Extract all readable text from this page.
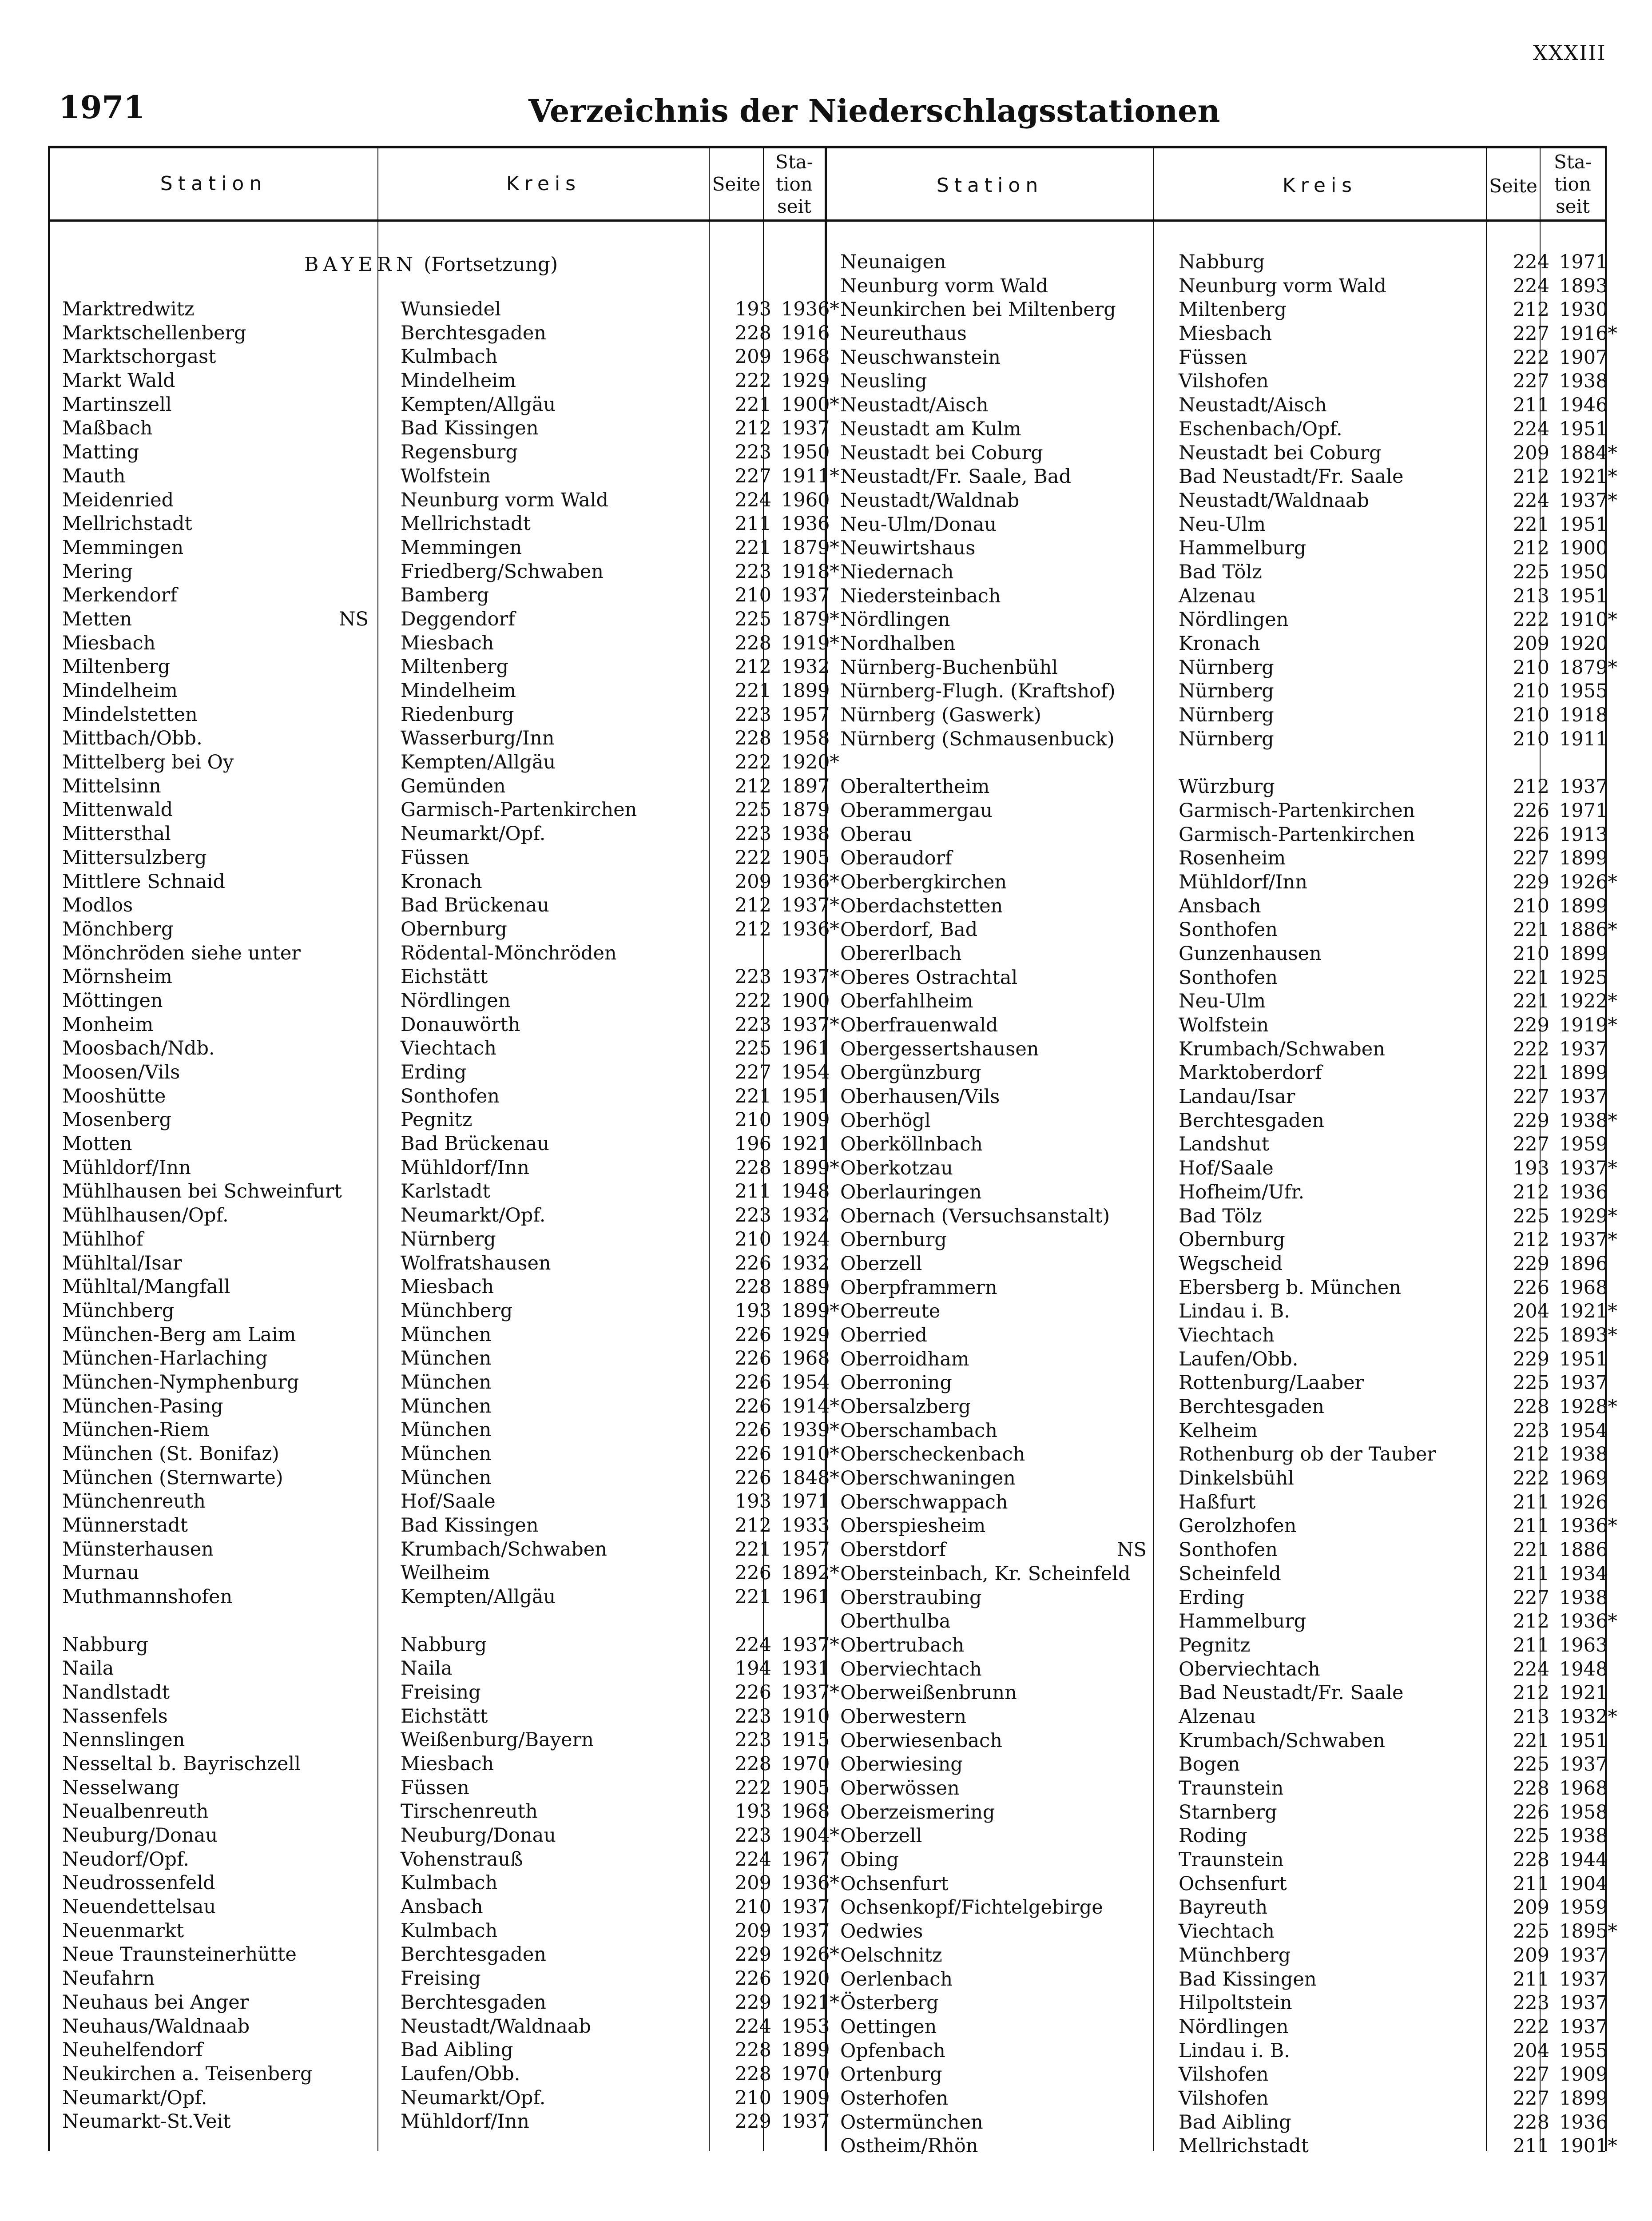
XXXIII
1971	Verzeichnis der Niederschlagsstationen
Station	Kreis	Seite
Sta-
tion
seit
Station	Kreis	Seite
Sta-
tion
seit
BAYERN (Fortsetzung)
Marktredwitz	Wunsiedel	193 1936*
Marktschellenberg	Berchtesgaden	228 1916
Marktschorgast	Kulmbach	209 1968
Markt Wald	Mindelheim	222 1929
Martinszell	Kempten/Allgäu	221 1900*
Maßbach	Bad Kissingen	212 1937
Matting	Regensburg	223 1950
Mauth	Wolfstein	227 1911*
Meidenried	Neunburg vorm Wald	224 1960
Mellrichstadt	Mellrichstadt	211 1936
Memmingen	Memmingen	221 1879*
Mering	Friedberg/Schwaben	223 1918*
Merkendorf	Bamberg	210 1937
Metten	NS	Deggendorf	225 1879*
Miesbach	Miesbach	228 1919*
Miltenberg	Miltenberg	212 1932
Mindelheim	Mindelheim	221 1899
Mindelstetten	Riedenburg	223 1957
Mittbach/Obb.	Wasserburg/Inn	228 1958
Mittelberg bei Oy	Kempten/Allgäu	222 1920*
Mittelsinn	Gemünden	212 1897
Mittenwald	Garmisch-Partenkirchen	225 1879
Mittersthal	Neumarkt/Opf.	223 1938
Mittersulzberg	Füssen	222 1905
Mittlere Schnaid	Kronach	209 1936*
Modlos	Bad Brückenau	212 1937*
Mönchberg	Obernburg	212 1936*
Mönchröden siehe unter	Rödental-Mönchröden
Mörnsheim	Eichstätt	223 1937*
Möttingen	Nördlingen	222 1900
Monheim	Donauwörth	223 1937*
Moosbach/Ndb.	Viechtach	225 1961
Moosen/Vils	Erding	227 1954
Mooshütte	Sonthofen	221 1951
Mosenberg	Pegnitz	210 1909
Motten	Bad Brückenau	196 1921
Mühldorf/Inn	Mühldorf/Inn	228 1899*
Mühlhausen bei Schweinfurt	Karlstadt	211 1948
Mühlhausen/Opf.	Neumarkt/Opf.	223 1932
Mühlhof	Nürnberg	210 1924
Mühltal/Isar	Wolfratshausen	226 1932
Mühltal/Mangfall	Miesbach	228 1889
Münchberg	Münchberg	193 1899*
München-Berg am Laim	München	226 1929
München-Harlaching	München	226 1968
München-Nymphenburg	München	226 1954
München-Pasing	München	226 1914*
München-Riem	München	226 1939*
München (St. Bonifaz)	München	226 1910*
München (Sternwarte)	München	226 1848*
Münchenreuth	Hof/Saale	193 1971
Münnerstadt	Bad Kissingen	212 1933
Münsterhausen	Krumbach/Schwaben	221 1957
Murnau	Weilheim	226 1892*
Muthmannshofen	Kempten/Allgäu	221 1961
Nabburg	Nabburg	224 1937*
Naila	Naila	194 1931
Nandlstadt	Freising	226 1937*
Nassenfels	Eichstätt	223 1910
Nennslingen	Weißenburg/Bayern	223 1915
Nesseltal b. Bayrischzell	Miesbach	228 1970
Nesselwang	Füssen	222 1905
Neualbenreuth	Tirschenreuth	193 1968
Neuburg/Donau	Neuburg/Donau	223 1904*
Neudorf/Opf.	Vohenstrauß	224 1967
Neudrossenfeld	Kulmbach	209 1936*
Neuendettelsau	Ansbach	210 1937
Neuenmarkt	Kulmbach	209 1937
Neue Traunsteinerhütte	Berchtesgaden	229 1926*
Neufahrn	Freising	226 1920
Neuhaus bei Anger	Berchtesgaden	229 1921*
Neuhaus/Waldnaab	Neustadt/Waldnaab	224 1953
Neuhelfendorf	Bad Aibling	228 1899
Neukirchen a. Teisenberg	Laufen/Obb.	228 1970
Neumarkt/Opf.	Neumarkt/Opf.	210 1909
Neumarkt-St.Veit	Mühldorf/Inn	229 1937
Neunaigen	Nabburg	224 1971
Neunburg vorm Wald	Neunburg vorm Wald	224 1893
Neunkirchen bei Miltenberg	Miltenberg	212 1930
Neureuthaus	Miesbach	227 1916*
Neuschwanstein	Füssen	222 1907
Neusling	Vilshofen	227 1938
Neustadt/Aisch	Neustadt/Aisch	211 1946
Neustadt am Kulm	Eschenbach/Opf.	224 1951
Neustadt bei Coburg	Neustadt bei Coburg	209 1884*
Neustadt/Fr. Saale, Bad	Bad Neustadt/Fr. Saale	212 1921*
Neustadt/Waldnab	Neustadt/Waldnaab	224 1937*
Neu-Ulm/Donau	Neu-Ulm	221 1951
Neuwirtshaus	Hammelburg	212 1900
Niedernach	Bad Tölz	225 1950
Niedersteinbach	Alzenau	213 1951
Nördlingen	Nördlingen	222 1910*
Nordhalben	Kronach	209 1920
Nürnberg-Buchenbühl	Nürnberg	210 1879*
Nürnberg-Flugh. (Kraftshof)	Nürnberg	210 1955
Nürnberg (Gaswerk)	Nürnberg	210 1918
Nürnberg (Schmausenbuck)	Nürnberg	210 1911
Oberaltertheim	Würzburg	212 1937
Oberammergau	Garmisch-Partenkirchen	226 1971
Oberau	Garmisch-Partenkirchen	226 1913
Oberaudorf	Rosenheim	227 1899
Oberbergkirchen	Mühldorf/Inn	229 1926*
Oberdachstetten	Ansbach	210 1899
Oberdorf, Bad	Sonthofen	221 1886*
Obererlbach	Gunzenhausen	210 1899
Oberes Ostrachtal	Sonthofen	221 1925
Oberfahlheim	Neu-Ulm	221 1922*
Oberfrauenwald	Wolfstein	229 1919*
Obergessertshausen	Krumbach/Schwaben	222 1937
Obergünzburg	Marktoberdorf	221 1899
Oberhausen/Vils	Landau/Isar	227 1937
Oberhögl	Berchtesgaden	229 1938*
Oberköllnbach	Landshut	227 1959
Oberkotzau	Hof/Saale	193 1937*
Oberlauringen	Hofheim/Ufr.	212 1936
Obernach (Versuchsanstalt)	Bad Tölz	225 1929*
Obernburg	Obernburg	212 1937*
Oberzell	Wegscheid	229 1896
Oberpframmern	Ebersberg b. München	226 1968
Oberreute	Lindau i. B.	204 1921*
Oberried	Viechtach	225 1893*
Oberroidham	Laufen/Obb.	229 1951
Oberroning	Rottenburg/Laaber	225 1937
Obersalzberg	Berchtesgaden	228 1928*
Oberschambach	Kelheim	223 1954
Oberscheckenbach	Rothenburg ob der Tauber	212 1938
Oberschwaningen	Dinkelsbühl	222 1969
Oberschwappach	Haßfurt	211 1926
Oberspiesheim	Gerolzhofen	211 1936*
Oberstdorf	NS	Sonthofen	221 1886
Obersteinbach, Kr. Scheinfeld	Scheinfeld	211 1934
Oberstraubing	Erding	227 1938
Oberthulba	Hammelburg	212 1936*
Obertrubach	Pegnitz	211 1963
Oberviechtach	Oberviechtach	224 1948
Oberweißenbrunn	Bad Neustadt/Fr. Saale	212 1921
Oberwestern	Alzenau	213 1932*
Oberwiesenbach	Krumbach/Schwaben	221 1951
Oberwiesing	Bogen	225 1937
Oberwössen	Traunstein	228 1968
Oberzeismering	Starnberg	226 1958
Oberzell	Roding	225 1938
Obing	Traunstein	228 1944
Ochsenfurt	Ochsenfurt	211 1904
Ochsenkopf/Fichtelgebirge	Bayreuth	209 1959
Oedwies	Viechtach	225 1895*
Oelschnitz	Münchberg	209 1937
Oerlenbach	Bad Kissingen	211 1937
Österberg	Hilpoltstein	223 1937
Oettingen	Nördlingen	222 1937
Opfenbach	Lindau i. B.	204 1955
Ortenburg	Vilshofen	227 1909
Osterhofen	Vilshofen	227 1899
Ostermünchen	Bad Aibling	228 1936
Ostheim/Rhön	Mellrichstadt	211 1901*
